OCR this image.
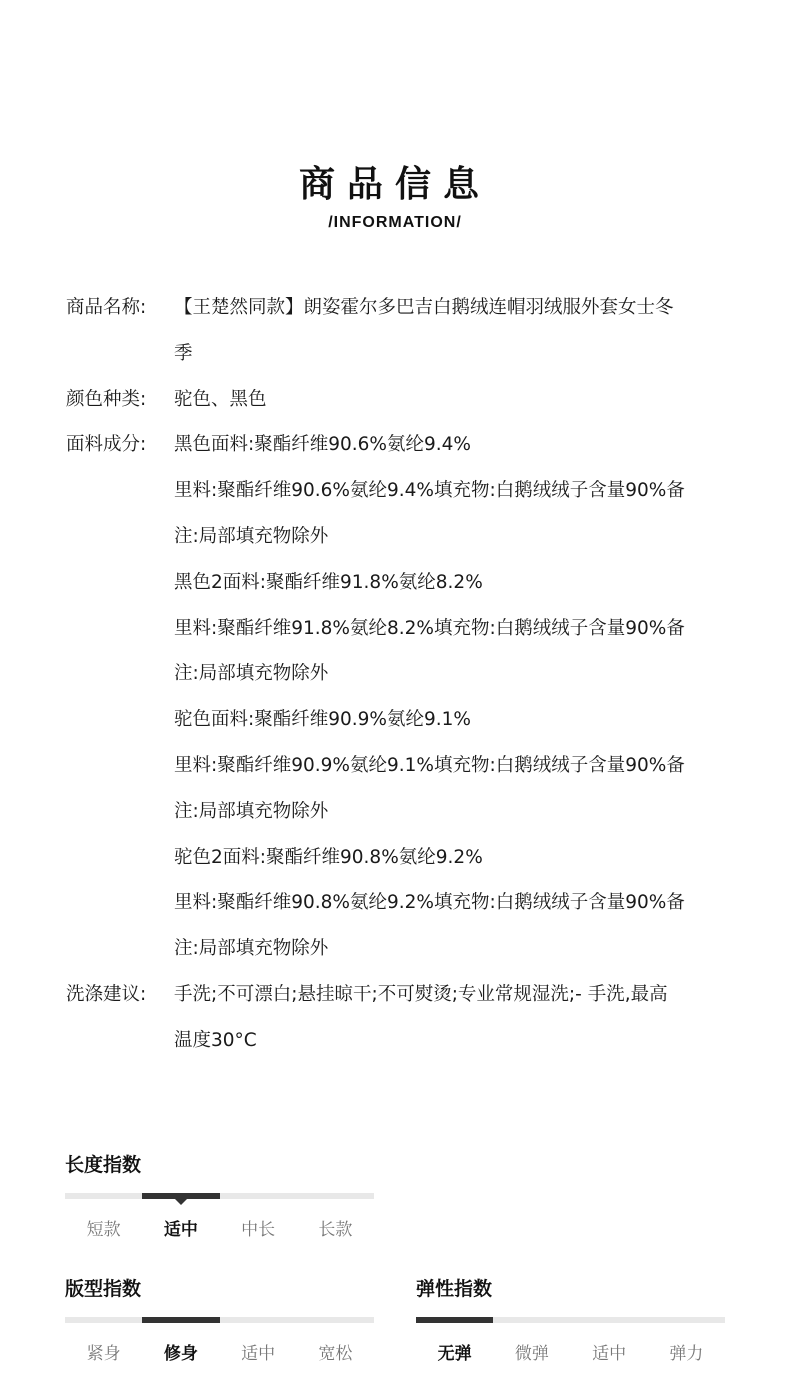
商品信息
/INFORMATION/
商品名称:	【王楚然同款】朗姿霍尔多巴吉白鹅绒连帽羽绒服外套女士冬
季
颜色种类:	驼色、黑色
面料成分:	黑色面料:聚酯纤维90.6%氨纶9.4%
里料:聚酯纤维90.6%氨纶9.4%填充物:白鹅绒绒子含量90%备
注:局部填充物除外
黑色2面料:聚酯纤维91.8%氨纶8.2%
里料:聚酯纤维91.8%氨纶8.2%填充物:白鹅绒绒子含量90%备
注:局部填充物除外
驼色面料:聚酯纤维90.9%氨纶9.1%
里料:聚酯纤维90.9%氨纶9.1%填充物:白鹅绒绒子含量90%备
注:局部填充物除外
驼色2面料:聚酯纤维90.8%氨纶9.2%
里料:聚酯纤维90.8%氨纶9.2%填充物:白鹅绒绒子含量90%备
注:局部填充物除外
洗涤建议:	手洗;不可漂白;悬挂晾干;不可熨烫;专业常规湿洗;- 手洗,最高
温度30°C
长度指数
短款	适中	中长	长款
版型指数
紧身	修身	适中	宽松
弹性指数
无弹	微弹	适中	弹力
